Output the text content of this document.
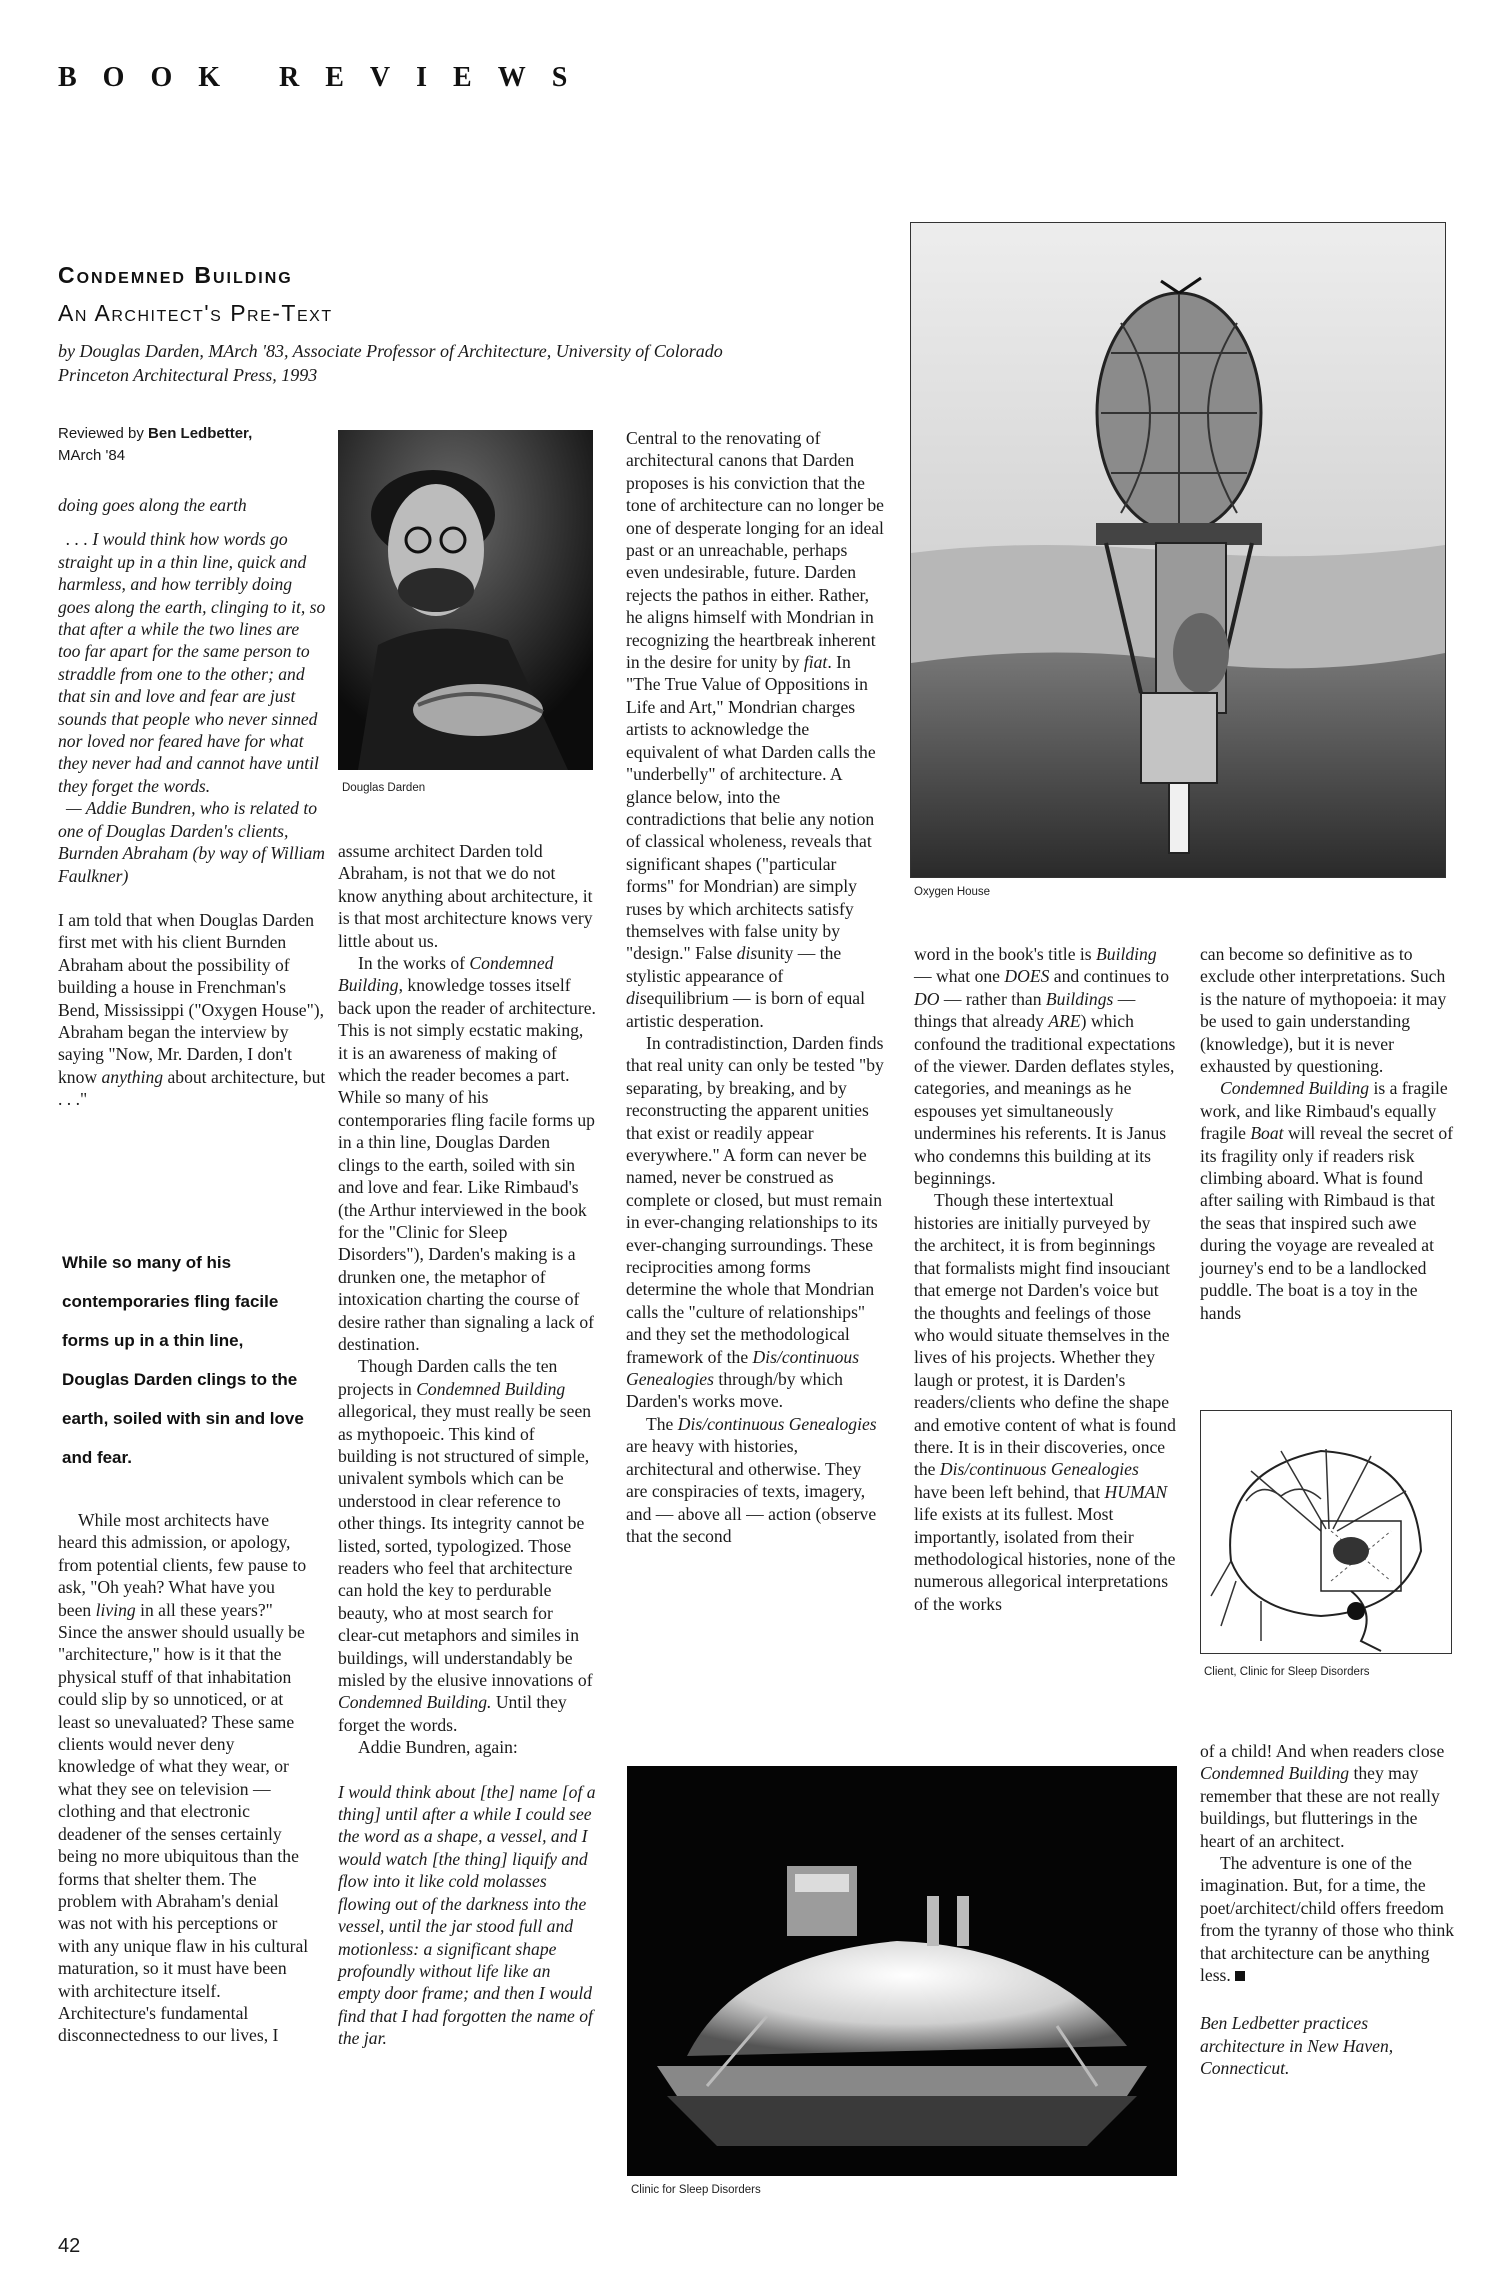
BOOK REVIEWS
Condemned Building
An Architect's Pre-Text
by Douglas Darden, MArch '83, Associate Professor of Architecture, University of Colorado
Princeton Architectural Press, 1993
Reviewed by Ben Ledbetter,
MArch '84

doing goes along the earth

. . . I would think how words go straight up in a thin line, quick and harmless, and how terribly doing goes along the earth, clinging to it, so that after a while the two lines are too far apart for the same person to straddle from one to the other; and that sin and love and fear are just sounds that people who never sinned nor loved nor feared have for what they never had and cannot have until they forget the words.

— Addie Bundren, who is related to one of Douglas Darden's clients, Burnden Abraham (by way of William Faulkner)

I am told that when Douglas Darden first met with his client Burnden Abraham about the possibility of building a house in Frenchman's Bend, Mississippi ("Oxygen House"), Abraham began the interview by saying "Now, Mr. Darden, I don't know anything about architecture, but . . ."

While so many of his contemporaries fling facile forms up in a thin line, Douglas Darden clings to the earth, soiled with sin and love and fear.

While most architects have heard this admission, or apology, from potential clients, few pause to ask, "Oh yeah? What have you been living in all these years?" Since the answer should usually be "architecture," how is it that the physical stuff of that inhabitation could slip by so unnoticed, or at least so unevaluated? These same clients would never deny knowledge of what they wear, or what they see on television — clothing and that electronic deadener of the senses certainly being no more ubiquitous than the forms that shelter them. The problem with Abraham's denial was not with his perceptions or with any unique flaw in his cultural maturation, so it must have been with architecture itself. Architecture's fundamental disconnectedness to our lives, I

Douglas Darden

assume architect Darden told Abraham, is not that we do not know anything about architecture, it is that most architecture knows very little about us.

In the works of Condemned Building, knowledge tosses itself back upon the reader of architecture. This is not simply ecstatic making, it is an awareness of making of which the reader becomes a part. While so many of his contemporaries fling facile forms up in a thin line, Douglas Darden clings to the earth, soiled with sin and love and fear. Like Rimbaud's (the Arthur interviewed in the book for the "Clinic for Sleep Disorders"), Darden's making is a drunken one, the metaphor of intoxication charting the course of desire rather than signaling a lack of destination.

Though Darden calls the ten projects in Condemned Building allegorical, they must really be seen as mythopoeic. This kind of building is not structured of simple, univalent symbols which can be understood in clear reference to other things. Its integrity cannot be listed, sorted, typologized. Those readers who feel that architecture can hold the key to perdurable beauty, who at most search for clear-cut metaphors and similes in buildings, will understandably be misled by the elusive innovations of Condemned Building. Until they forget the words.

Addie Bundren, again:

I would think about [the] name [of a thing] until after a while I could see the word as a shape, a vessel, and I would watch [the thing] liquify and flow into it like cold molasses flowing out of the darkness into the vessel, until the jar stood full and motionless: a significant shape profoundly without life like an empty door frame; and then I would find that I had forgotten the name of the jar.

Central to the renovating of architectural canons that Darden proposes is his conviction that the tone of architecture can no longer be one of desperate longing for an ideal past or an unreachable, perhaps even undesirable, future. Darden rejects the pathos in either. Rather, he aligns himself with Mondrian in recognizing the heartbreak inherent in the desire for unity by fiat. In "The True Value of Oppositions in Life and Art," Mondrian charges artists to acknowledge the equivalent of what Darden calls the "underbelly" of architecture. A glance below, into the contradictions that belie any notion of classical wholeness, reveals that significant shapes ("particular forms" for Mondrian) are simply ruses by which architects satisfy themselves with false unity by "design." False disunity — the stylistic appearance of disequilibrium — is born of equal artistic desperation.

In contradistinction, Darden finds that real unity can only be tested "by separating, by breaking, and by reconstructing the apparent unities that exist or readily appear everywhere." A form can never be named, never be construed as complete or closed, but must remain in ever-changing relationships to its ever-changing surroundings. These reciprocities among forms determine the whole that Mondrian calls the "culture of relationships" and they set the methodological framework of the Dis/continuous Genealogies through/by which Darden's works move.

The Dis/continuous Genealogies are heavy with histories, architectural and otherwise. They are conspiracies of texts, imagery, and — above all — action (observe that the second

Oxygen House

word in the book's title is Building — what one DOES and continues to DO — rather than Buildings — things that already ARE) which confound the traditional expectations of the viewer. Darden deflates styles, categories, and meanings as he espouses yet simultaneously undermines his referents. It is Janus who condemns this building at its beginnings.

Though these intertextual histories are initially purveyed by the architect, it is from beginnings that formalists might find insouciant that emerge not Darden's voice but the thoughts and feelings of those who would situate themselves in the lives of his projects. Whether they laugh or protest, it is Darden's readers/clients who define the shape and emotive content of what is found there. It is in their discoveries, once the Dis/continuous Genealogies have been left behind, that HUMAN life exists at its fullest. Most importantly, isolated from their methodological histories, none of the numerous allegorical interpretations of the works

can become so definitive as to exclude other interpretations. Such is the nature of mythopoeia: it may be used to gain understanding (knowledge), but it is never exhausted by questioning.

Condemned Building is a fragile work, and like Rimbaud's equally fragile Boat will reveal the secret of its fragility only if readers risk climbing aboard. What is found after sailing with Rimbaud is that the seas that inspired such awe during the voyage are revealed at journey's end to be a landlocked puddle. The boat is a toy in the hands

Client, Clinic for Sleep Disorders
Clinic for Sleep Disorders

of a child! And when readers close Condemned Building they may remember that these are not really buildings, but flutterings in the heart of an architect.

The adventure is one of the imagination. But, for a time, the poet/architect/child offers freedom from the tyranny of those who think that architecture can be anything less.

Ben Ledbetter practices architecture in New Haven, Connecticut.

42
